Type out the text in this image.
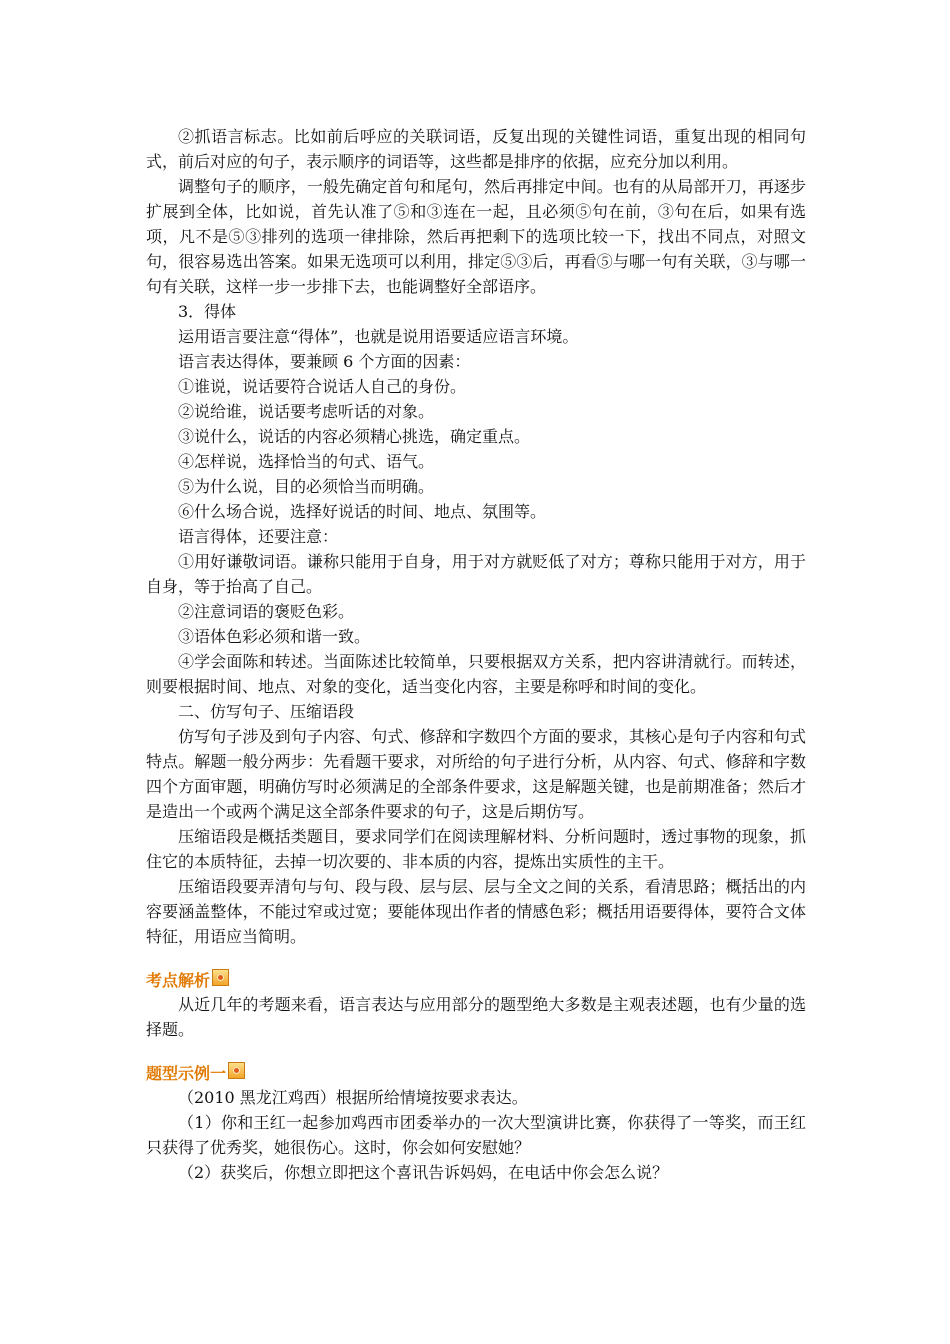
②抓语言标志。比如前后呼应的关联词语，反复出现的关键性词语，重复出现的相同句式，前后对应的句子，表示顺序的词语等，这些都是排序的依据，应充分加以利用。

调整句子的顺序，一般先确定首句和尾句，然后再排定中间。也有的从局部开刀，再逐步扩展到全体，比如说，首先认准了⑤和③连在一起，且必须⑤句在前，③句在后，如果有选项，凡不是⑤③排列的选项一律排除，然后再把剩下的选项比较一下，找出不同点，对照文句，很容易选出答案。如果无选项可以利用，排定⑤③后，再看⑤与哪一句有关联，③与哪一句有关联，这样一步一步排下去，也能调整好全部语序。

3．得体

运用语言要注意“得体”，也就是说用语要适应语言环境。

语言表达得体，要兼顾 6 个方面的因素：

①谁说，说话要符合说话人自己的身份。

②说给谁，说话要考虑听话的对象。

③说什么，说话的内容必须精心挑选，确定重点。

④怎样说，选择恰当的句式、语气。

⑤为什么说，目的必须恰当而明确。

⑥什么场合说，选择好说话的时间、地点、氛围等。

语言得体，还要注意：

①用好谦敬词语。谦称只能用于自身，用于对方就贬低了对方；尊称只能用于对方，用于自身，等于抬高了自己。

②注意词语的褒贬色彩。

③语体色彩必须和谐一致。

④学会面陈和转述。当面陈述比较简单，只要根据双方关系，把内容讲清就行。而转述，则要根据时间、地点、对象的变化，适当变化内容，主要是称呼和时间的变化。

二、仿写句子、压缩语段

仿写句子涉及到句子内容、句式、修辞和字数四个方面的要求，其核心是句子内容和句式特点。解题一般分两步：先看题干要求，对所给的句子进行分析，从内容、句式、修辞和字数四个方面审题，明确仿写时必须满足的全部条件要求，这是解题关键，也是前期准备；然后才是造出一个或两个满足这全部条件要求的句子，这是后期仿写。

压缩语段是概括类题目，要求同学们在阅读理解材料、分析问题时，透过事物的现象，抓住它的本质特征，去掉一切次要的、非本质的内容，提炼出实质性的主干。

压缩语段要弄清句与句、段与段、层与层、层与全文之间的关系，看清思路；概括出的内容要涵盖整体，不能过窄或过宽；要能体现出作者的情感色彩；概括用语要得体，要符合文体特征，用语应当简明。

考点解析

从近几年的考题来看，语言表达与应用部分的题型绝大多数是主观表述题，也有少量的选择题。

题型示例一

（2010 黑龙江鸡西）根据所给情境按要求表达。

（1）你和王红一起参加鸡西市团委举办的一次大型演讲比赛，你获得了一等奖，而王红只获得了优秀奖，她很伤心。这时，你会如何安慰她？

（2）获奖后，你想立即把这个喜讯告诉妈妈，在电话中你会怎么说？
